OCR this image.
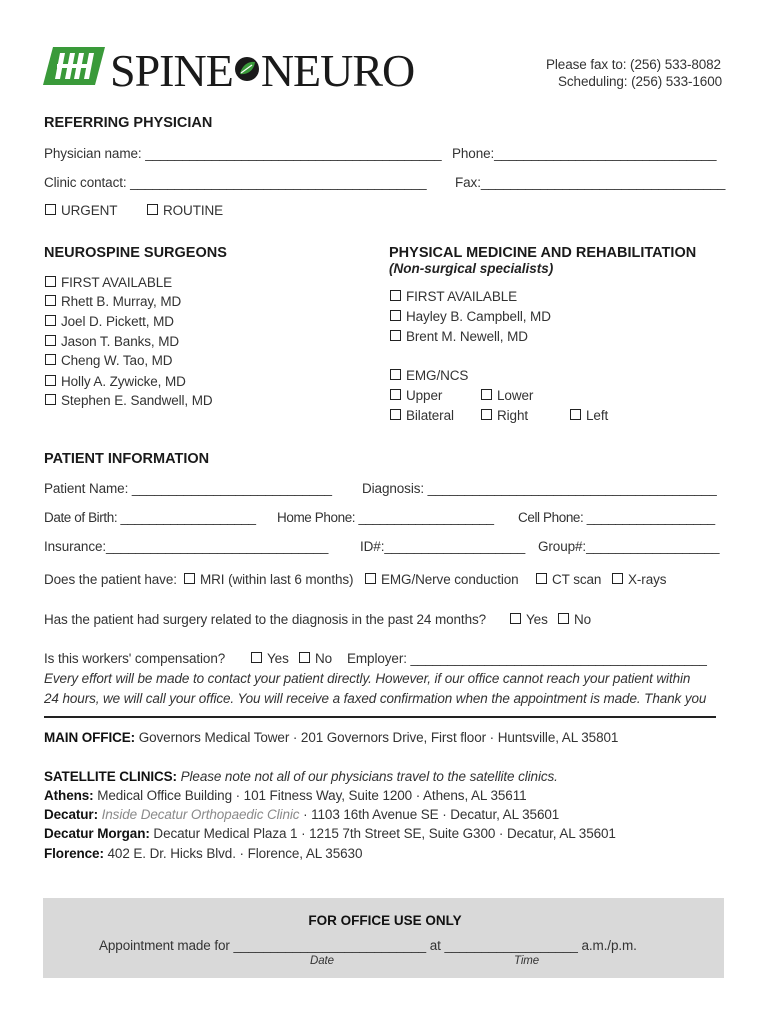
SPINE NEURO	Please fax to: (256) 533-8082
Scheduling: (256) 533-1600
REFERRING PHYSICIAN
Physician name: ________________________________________ Phone:______________________________
Clinic contact: ________________________________________ Fax:_________________________________
URGENT	ROUTINE
NEUROSPINE SURGEONS
FIRST AVAILABLE
Rhett B. Murray, MD
Joel D. Pickett, MD
Jason T. Banks, MD
Cheng W. Tao, MD
Holly A. Zywicke, MD
Stephen E. Sandwell, MD
PHYSICAL MEDICINE AND REHABILITATION
(Non-surgical specialists)
FIRST AVAILABLE
Hayley B. Campbell, MD
Brent M. Newell, MD
EMG/NCS
Upper	Lower
Bilateral	Right	Left
PATIENT INFORMATION
Patient Name: ___________________________ Diagnosis: _______________________________________
Date of Birth: ___________________ Home Phone: ___________________ Cell Phone: __________________
Insurance:______________________________ ID#:___________________ Group#:__________________
Does the patient have:	MRI (within last 6 months)	EMG/Nerve conduction	CT scan	X-rays
Has the patient had surgery related to the diagnosis in the past 24 months?	Yes	No
Is this workers' compensation?	Yes	No Employer: ________________________________________
Every effort will be made to contact your patient directly. However, if our office cannot reach your patient within
24 hours, we will call your office. You will receive a faxed confirmation when the appointment is made. Thank you
MAIN OFFICE: Governors Medical Tower · 201 Governors Drive, First floor · Huntsville, AL 35801
SATELLITE CLINICS: Please note not all of our physicians travel to the satellite clinics.
Athens: Medical Office Building · 101 Fitness Way, Suite 1200 · Athens, AL 35611
Decatur: Inside Decatur Orthopaedic Clinic · 1103 16th Avenue SE · Decatur, AL 35601
Decatur Morgan: Decatur Medical Plaza 1 · 1215 7th Street SE, Suite G300 · Decatur, AL 35601
Florence: 402 E. Dr. Hicks Blvd. · Florence, AL 35630
FOR OFFICE USE ONLY
Appointment made for __________________________ at __________________ a.m./p.m.
Date	Time
